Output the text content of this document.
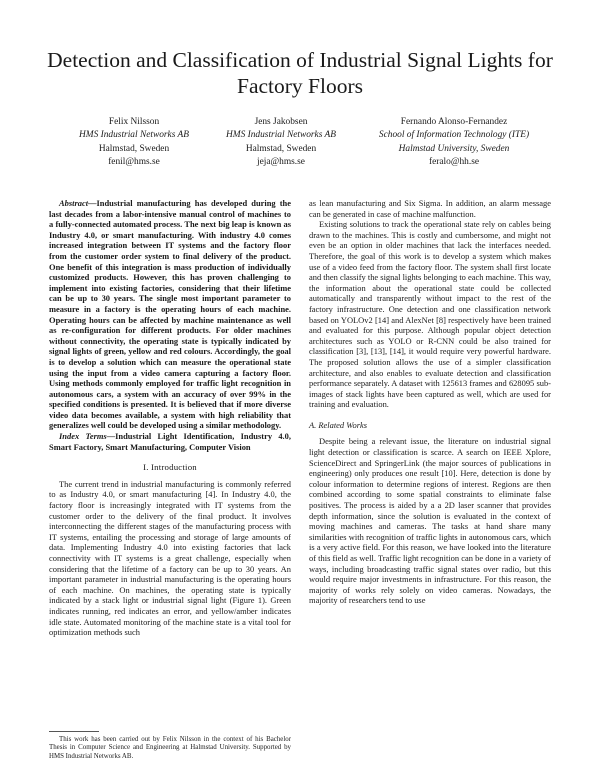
Detection and Classification of Industrial Signal Lights for Factory Floors
Felix Nilsson
HMS Industrial Networks AB
Halmstad, Sweden
fenil@hms.se
Jens Jakobsen
HMS Industrial Networks AB
Halmstad, Sweden
jeja@hms.se
Fernando Alonso-Fernandez
School of Information Technology (ITE)
Halmstad University, Sweden
feralo@hh.se

Abstract—Industrial manufacturing has developed during the last decades from a labor-intensive manual control of machines to a fully-connected automated process. The next big leap is known as Industry 4.0, or smart manufacturing. With industry 4.0 comes increased integration between IT systems and the factory floor from the customer order system to final delivery of the product. One benefit of this integration is mass production of individually customized products. However, this has proven challenging to implement into existing factories, considering that their lifetime can be up to 30 years. The single most important parameter to measure in a factory is the operating hours of each machine. Operating hours can be affected by machine maintenance as well as re-configuration for different products. For older machines without connectivity, the operating state is typically indicated by signal lights of green, yellow and red colours. Accordingly, the goal is to develop a solution which can measure the operational state using the input from a video camera capturing a factory floor. Using methods commonly employed for traffic light recognition in autonomous cars, a system with an accuracy of over 99% in the specified conditions is presented. It is believed that if more diverse video data becomes available, a system with high reliability that generalizes well could be developed using a similar methodology.

Index Terms—Industrial Light Identification, Industry 4.0, Smart Factory, Smart Manufacturing, Computer Vision

I. Introduction

The current trend in industrial manufacturing is commonly referred to as Industry 4.0, or smart manufacturing [4]. In Industry 4.0, the factory floor is increasingly integrated with IT systems from the customer order to the delivery of the final product. It involves interconnecting the different stages of the manufacturing process with IT systems, entailing the processing and storage of large amounts of data. Implementing Industry 4.0 into existing factories that lack connectivity with IT systems is a great challenge, especially when considering that the lifetime of a factory can be up to 30 years. An important parameter in industrial manufacturing is the operating hours of each machine. On machines, the operating state is typically indicated by a stack light or industrial signal light (Figure 1). Green indicates running, red indicates an error, and yellow/amber indicates idle state. Automated monitoring of the machine state is a vital tool for optimization methods such

This work has been carried out by Felix Nilsson in the context of his Bachelor Thesis in Computer Science and Engineering at Halmstad University. Supported by HMS Industrial Networks AB.

as lean manufacturing and Six Sigma. In addition, an alarm message can be generated in case of machine malfunction.

Existing solutions to track the operational state rely on cables being drawn to the machines. This is costly and cumbersome, and might not even be an option in older machines that lack the interfaces needed. Therefore, the goal of this work is to develop a system which makes use of a video feed from the factory floor. The system shall first locate and then classify the signal lights belonging to each machine. This way, the information about the operational state could be collected automatically and transparently without impact to the rest of the factory infrastructure. One detection and one classification network based on YOLOv2 [14] and AlexNet [8] respectively have been trained and evaluated for this purpose. Although popular object detection architectures such as YOLO or R-CNN could be also trained for classification [3], [13], [14], it would require very powerful hardware. The proposed solution allows the use of a simpler classification architecture, and also enables to evaluate detection and classification performance separately. A dataset with 125613 frames and 628095 sub-images of stack lights have been captured as well, which are used for training and evaluation.

A. Related Works

Despite being a relevant issue, the literature on industrial signal light detection or classification is scarce. A search on IEEE Xplore, ScienceDirect and SpringerLink (the major sources of publications in engineering) only produces one result [10]. Here, detection is done by colour information to determine regions of interest. Regions are then combined according to some spatial constraints to eliminate false positives. The process is aided by a a 2D laser scanner that provides depth information, since the solution is evaluated in the context of moving machines and cameras. The tasks at hand share many similarities with recognition of traffic lights in autonomous cars, which is a very active field. For this reason, we have looked into the literature of this field as well. Traffic light recognition can be done in a variety of ways, including broadcasting traffic signal states over radio, but this would require major investments in infrastructure. For this reason, the majority of works rely solely on video cameras. Nowadays, the majority of researchers tend to use
